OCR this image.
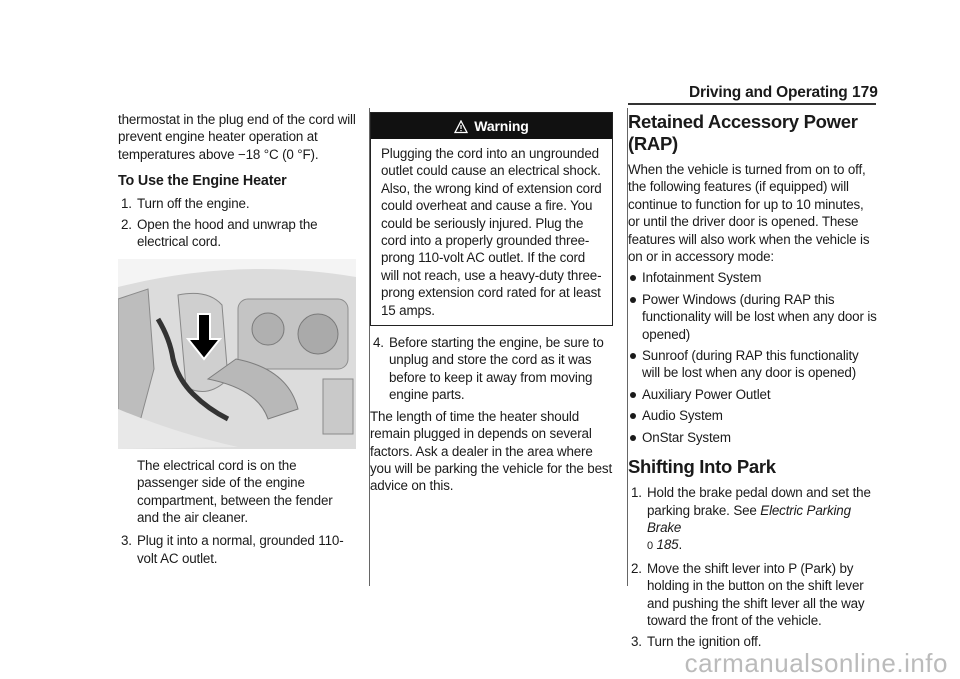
Driving and Operating 179

thermostat in the plug end of the cord will prevent engine heater operation at temperatures above −18 °C (0 °F).

To Use the Engine Heater

1. Turn off the engine.
2. Open the hood and unwrap the electrical cord.

The electrical cord is on the passenger side of the engine compartment, between the fender and the air cleaner.

3. Plug it into a normal, grounded 110-volt AC outlet.
Warning
Plugging the cord into an ungrounded outlet could cause an electrical shock. Also, the wrong kind of extension cord could overheat and cause a fire. You could be seriously injured. Plug the cord into a properly grounded three-prong 110-volt AC outlet. If the cord will not reach, use a heavy-duty three-prong extension cord rated for at least 15 amps.
4. Before starting the engine, be sure to unplug and store the cord as it was before to keep it away from moving engine parts.

The length of time the heater should remain plugged in depends on several factors. Ask a dealer in the area where you will be parking the vehicle for the best advice on this.

Retained Accessory Power (RAP)

When the vehicle is turned from on to off, the following features (if equipped) will continue to function for up to 10 minutes, or until the driver door is opened. These features will also work when the vehicle is on or in accessory mode:

Infotainment System
Power Windows (during RAP this functionality will be lost when any door is opened)
Sunroof (during RAP this functionality will be lost when any door is opened)
Auxiliary Power Outlet
Audio System
OnStar System

Shifting Into Park

1. Hold the brake pedal down and set the parking brake. See Electric Parking Brake
0 185.
2. Move the shift lever into P (Park) by holding in the button on the shift lever and pushing the shift lever all the way toward the front of the vehicle.
3. Turn the ignition off.
carmanualsonline.info
